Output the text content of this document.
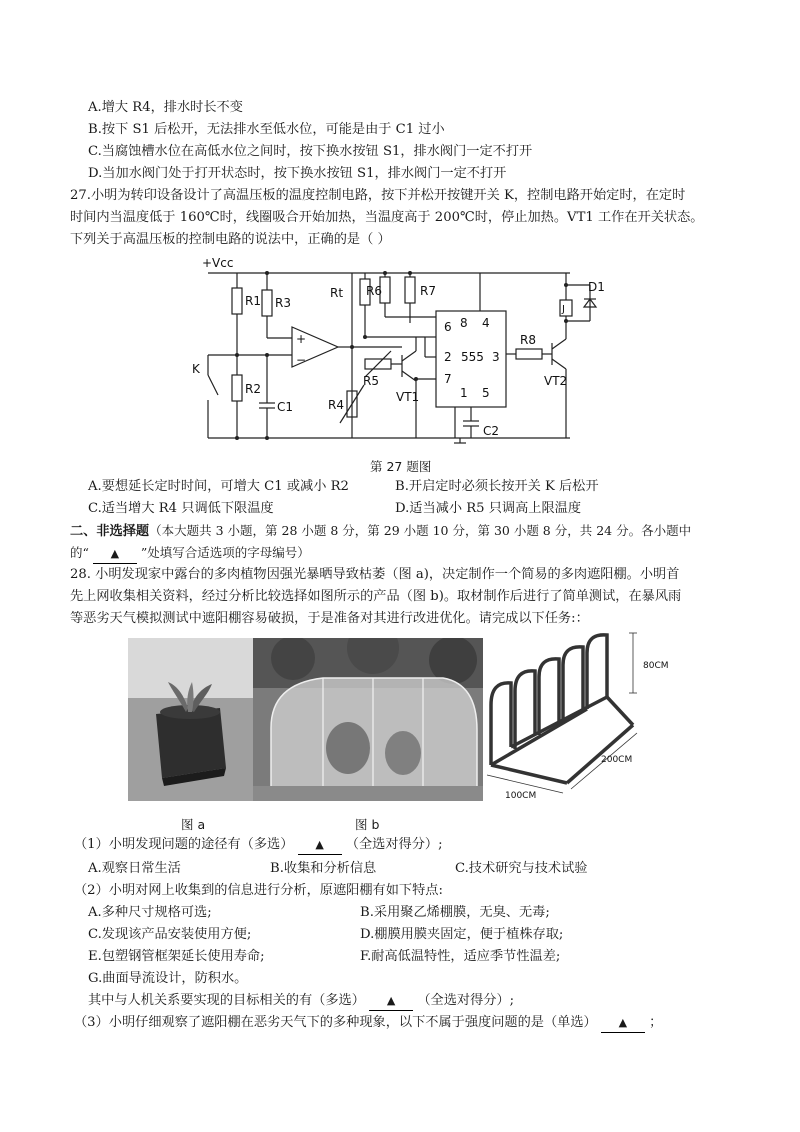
A.增大 R4，排水时长不变
B.按下 S1 后松开，无法排水至低水位，可能是由于 C1 过小
C.当腐蚀槽水位在高低水位之间时，按下换水按钮 S1，排水阀门一定不打开
D.当加水阀门处于打开状态时，按下换水按钮 S1，排水阀门一定不打开
27.小明为转印设备设计了高温压板的温度控制电路，按下并松开按键开关 K，控制电路开始定时，在定时
时间内当温度低于 160℃时，线圈吸合开始加热，当温度高于 200℃时，停止加热。VT1 工作在开关状态。
下列关于高温压板的控制电路的说法中，正确的是（ ）
+Vcc
R1 R3
R2
C1
K
+
−
Rt
R4
R5
VT1
R6	R7
6 8 4
2 555 3
7
1 5
C2
R8
VT2
J
D1
第 27 题图
A.要想延长定时时间，可增大 C1 或减小 R2	B.开启定时必须长按开关 K 后松开
C.适当增大 R4 只调低下限温度	D.适当减小 R5 只调高上限温度
二、非选择题（本大题共 3 小题，第 28 小题 8 分，第 29 小题 10 分，第 30 小题 8 分，共 24 分。各小题中
的“ ▲ ”处填写合适选项的字母编号）
28. 小明发现家中露台的多肉植物因强光暴晒导致枯萎（图 a)，决定制作一个简易的多肉遮阳棚。小明首
先上网收集相关资料，经过分析比较选择如图所示的产品（图 b)。取材制作后进行了简单测试，在暴风雨
等恶劣天气模拟测试中遮阳棚容易破损，于是准备对其进行改进优化。请完成以下任务:：
80CM
200CM
100CM
图 a	图 b
（1）小明发现问题的途径有（多选） ▲ （全选对得分）;
A.观察日常生活	B.收集和分析信息	C.技术研究与技术试验
（2）小明对网上收集到的信息进行分析，原遮阳棚有如下特点:
A.多种尺寸规格可选;	B.采用聚乙烯棚膜，无臭、无毒;
C.发现该产品安装使用方便;	D.棚膜用膜夹固定，便于植株存取;
E.包塑钢管框架延长使用寿命;	F.耐高低温特性，适应季节性温差;
G.曲面导流设计，防积水。
其中与人机关系要实现的目标相关的有（多选） ▲ （全选对得分）;
（3）小明仔细观察了遮阳棚在恶劣天气下的多种现象，以下不属于强度问题的是（单选） ▲ ；
